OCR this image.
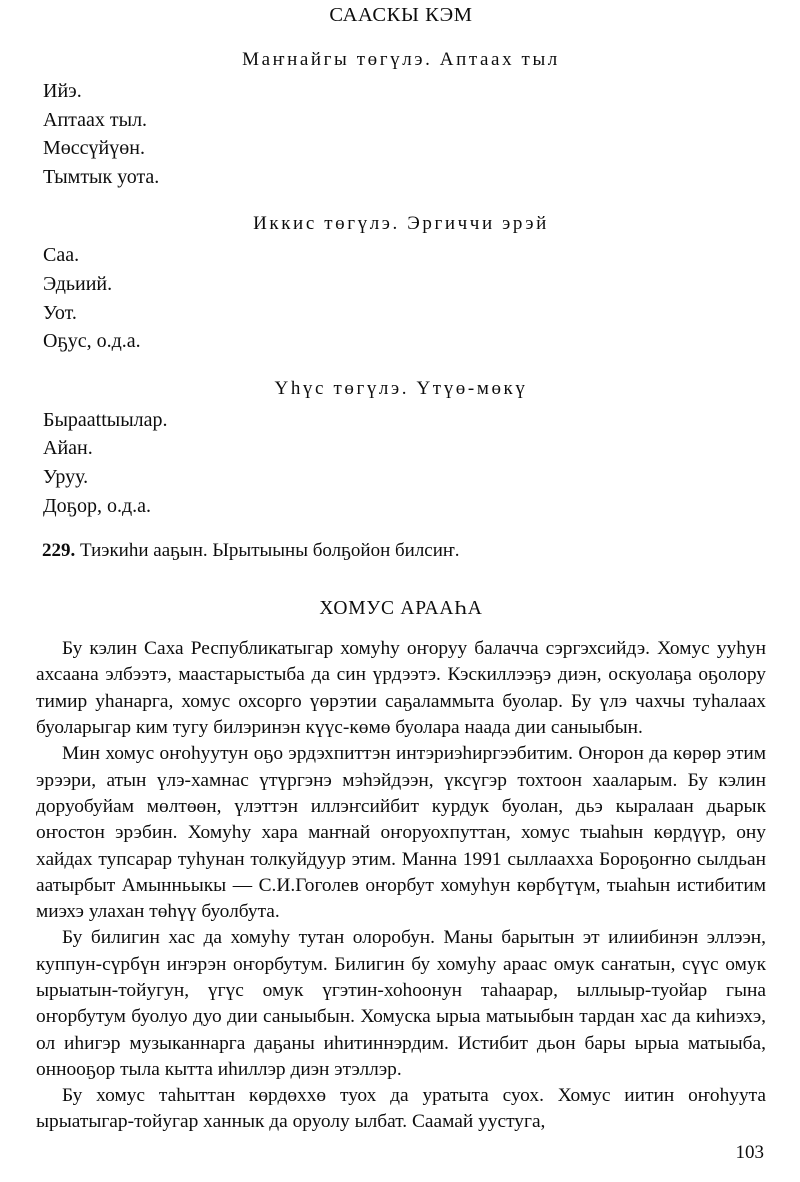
СААСКЫ КЭМ
Маҥнайгы төгүлэ. Аптаах тыл
Ийэ.
Аптаах тыл.
Мөссүйүөн.
Тымтык уота.
Иккис төгүлэ. Эргиччи эрэй
Саа.
Эдьиий.
Уот.
Оҕус, о.д.а.
Үһүс төгүлэ. Үтүө-мөкү
Быраattыылар.
Айан.
Уруу.
Доҕор, о.д.а.

229. Тиэкиһи ааҕын. Ырытыыны болҕойон билсиҥ.

ХОМУС АРААҺА

Бу кэлин Саха Республикатыгар хомуһу оҥоруу балачча сэргэхсийдэ. Хомус ууһун ахсаана элбээтэ, маастарыстыба да син үрдээтэ. Кэскиллээҕэ диэн, оскуолаҕа оҕолору тимир уһанарга, хомус охсорго үөрэтии саҕаламмыта буолар. Бу үлэ чахчы туһалаах буоларыгар ким тугу билэринэн күүс-көмө буолара наада дии саныыбын.

Мин хомус оҥоһуутун оҕо эрдэхпиттэн интэриэһиргээбитим. Оҥорон да көрөр этим эрээри, атын үлэ-хамнас үтүргэнэ мэһэйдээн, үксүгэр тохтоон хааларым. Бу кэлин доруобуйам мөлтөөн, үлэттэн иллэҥсийбит курдук буолан, дьэ кыралаан дьарык оҥостон эрэбин. Хомуһу хара маҥнай оҥоруохпуттан, хомус тыаһын көрдүүр, ону хайдах тупсарар туһунан толкуйдуур этим. Манна 1991 сыллаахха Бороҕоҥно сылдьан аатырбыт Амынньыкы — С.И.Гоголев оҥорбут хомуһун көрбүтүм, тыаһын истибитим миэхэ улахан төһүү буолбута.

Бу билигин хас да хомуһу тутан олоробун. Маны барытын эт илиибинэн эллээн, куппун-сүрбүн иҥэрэн оҥорбутум. Билигин бу хомуһу араас омук саҥатын, сүүс омук ырыатын-тойугун, үгүс омук үгэтин-хоһоонун таһаарар, ыллыыр-туойар гына оҥорбутум буолуо дуо дии саныыбын. Хомуска ырыа матыыбын тардан хас да киһиэхэ, ол иһигэр музыканнарга даҕаны иһитиннэрдим. Истибит дьон бары ырыа матыыба, оннооҕор тыла кытта иһиллэр диэн этэллэр.

Бу хомус таһыттан көрдөххө туох да уратыта суох. Хомус иитин оҥоһуута ырыатыгар-тойугар ханнык да оруолу ылбат. Саамай уустуга,

103
